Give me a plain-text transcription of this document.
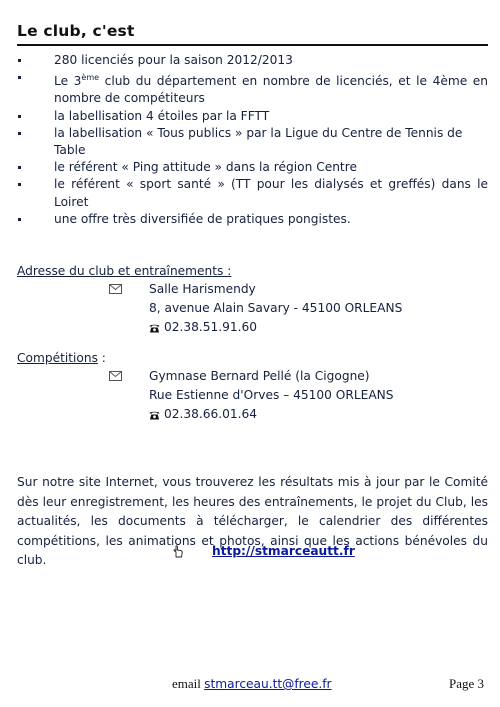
Le club, c'est
280 licenciés pour la saison 2012/2013
Le 3ème club du département en nombre de licenciés, et le 4ème en nombre de compétiteurs
la labellisation 4 étoiles par la FFTT
la labellisation « Tous publics » par la Ligue du Centre de Tennis de Table
le référent « Ping attitude » dans la région Centre
le référent « sport santé » (TT pour les dialysés et greffés) dans le Loiret
une offre très diversifiée de pratiques pongistes.
Adresse du club et entraînements :
Salle Harismendy
8, avenue Alain Savary - 45100 ORLEANS
02.38.51.91.60
Compétitions :
Gymnase Bernard Pellé (la Cigogne)
Rue Estienne d'Orves – 45100 ORLEANS
02.38.66.01.64

Sur notre site Internet, vous trouverez les résultats mis à jour par le Comité dès leur enregistrement, les heures des entraînements, le projet du Club, les actualités, les documents à télécharger, le calendrier des différentes compétitions, les animations et photos, ainsi que les actions bénévoles du club.

http://stmarceautt.fr
email stmarceau.tt@free.fr	Page 3
